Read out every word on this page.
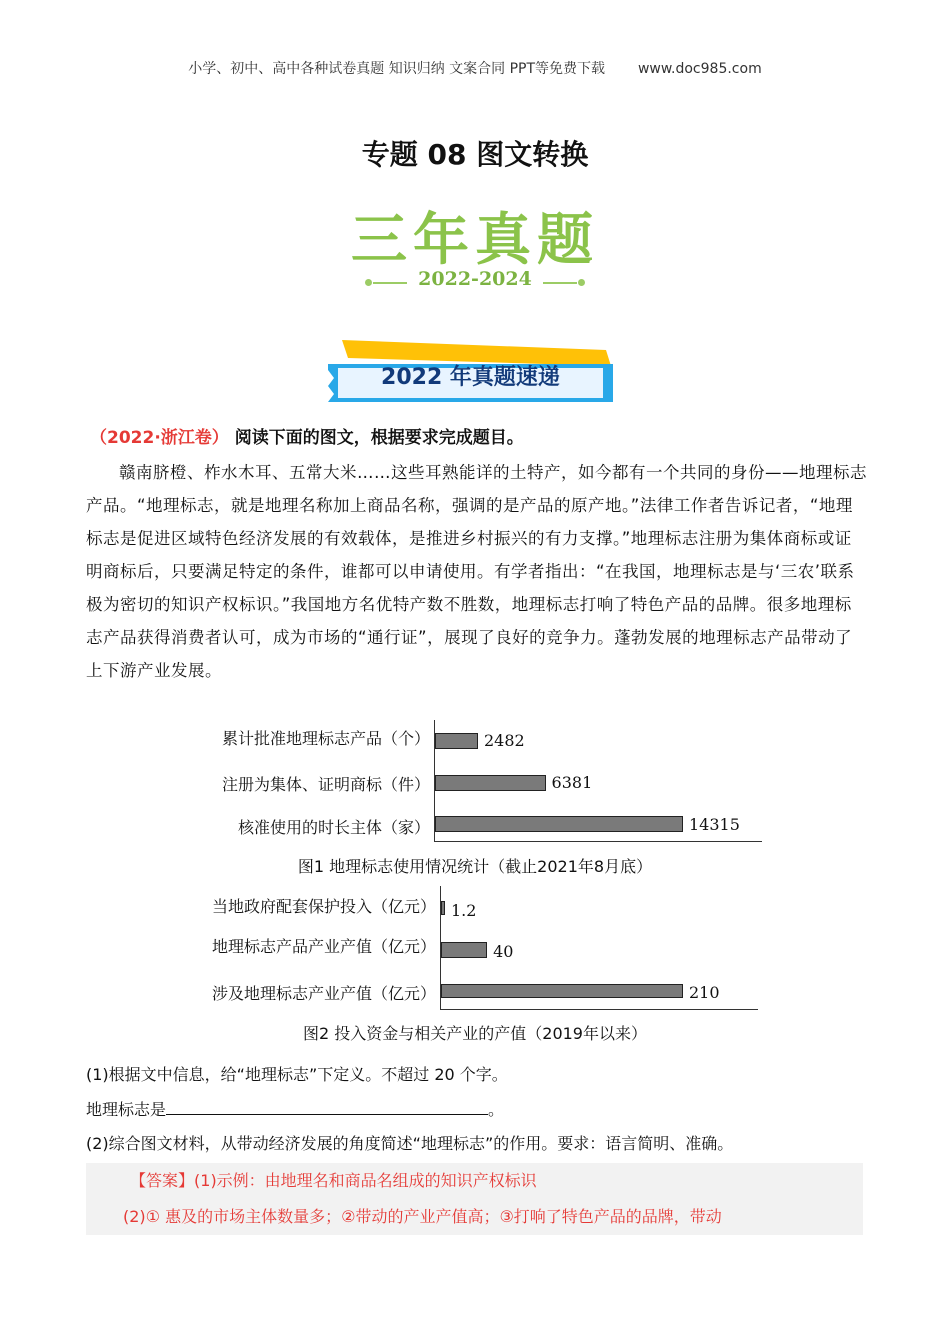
小学、初中、高中各种试卷真题 知识归纳 文案合同 PPT等免费下载 www.doc985.com
专题 08 图文转换
三年真题
2022-2024
2022 年真题速递
（2022·浙江卷） 阅读下面的图文，根据要求完成题目。
赣南脐橙、柞水木耳、五常大米……这些耳熟能详的土特产，如今都有一个共同的身份——地理标志产品。“地理标志，就是地理名称加上商品名称，强调的是产品的原产地。”法律工作者告诉记者，“地理标志是促进区域特色经济发展的有效载体，是推进乡村振兴的有力支撑。”地理标志注册为集体商标或证明商标后，只要满足特定的条件，谁都可以申请使用。有学者指出：“在我国，地理标志是与‘三农’联系极为密切的知识产权标识。”我国地方名优特产数不胜数，地理标志打响了特色产品的品牌。很多地理标志产品获得消费者认可，成为市场的“通行证”，展现了良好的竞争力。蓬勃发展的地理标志产品带动了上下游产业发展。
累计批准地理标志产品（个）
注册为集体、证明商标（件）
核准使用的时长主体（家）
2482
6381
14315
图1 地理标志使用情况统计（截止2021年8月底）
当地政府配套保护投入（亿元）
地理标志产品产业产值（亿元）
涉及地理标志产业产值（亿元）
1.2
40
210
图2 投入资金与相关产业的产值（2019年以来）
(1)根据文中信息，给“地理标志”下定义。不超过 20 个字。
地理标志是	。
(2)综合图文材料，从带动经济发展的角度简述“地理标志”的作用。要求：语言简明、准确。
【答案】(1)示例：由地理名和商品名组成的知识产权标识
(2)① 惠及的市场主体数量多；②带动的产业产值高；③打响了特色产品的品牌，带动
